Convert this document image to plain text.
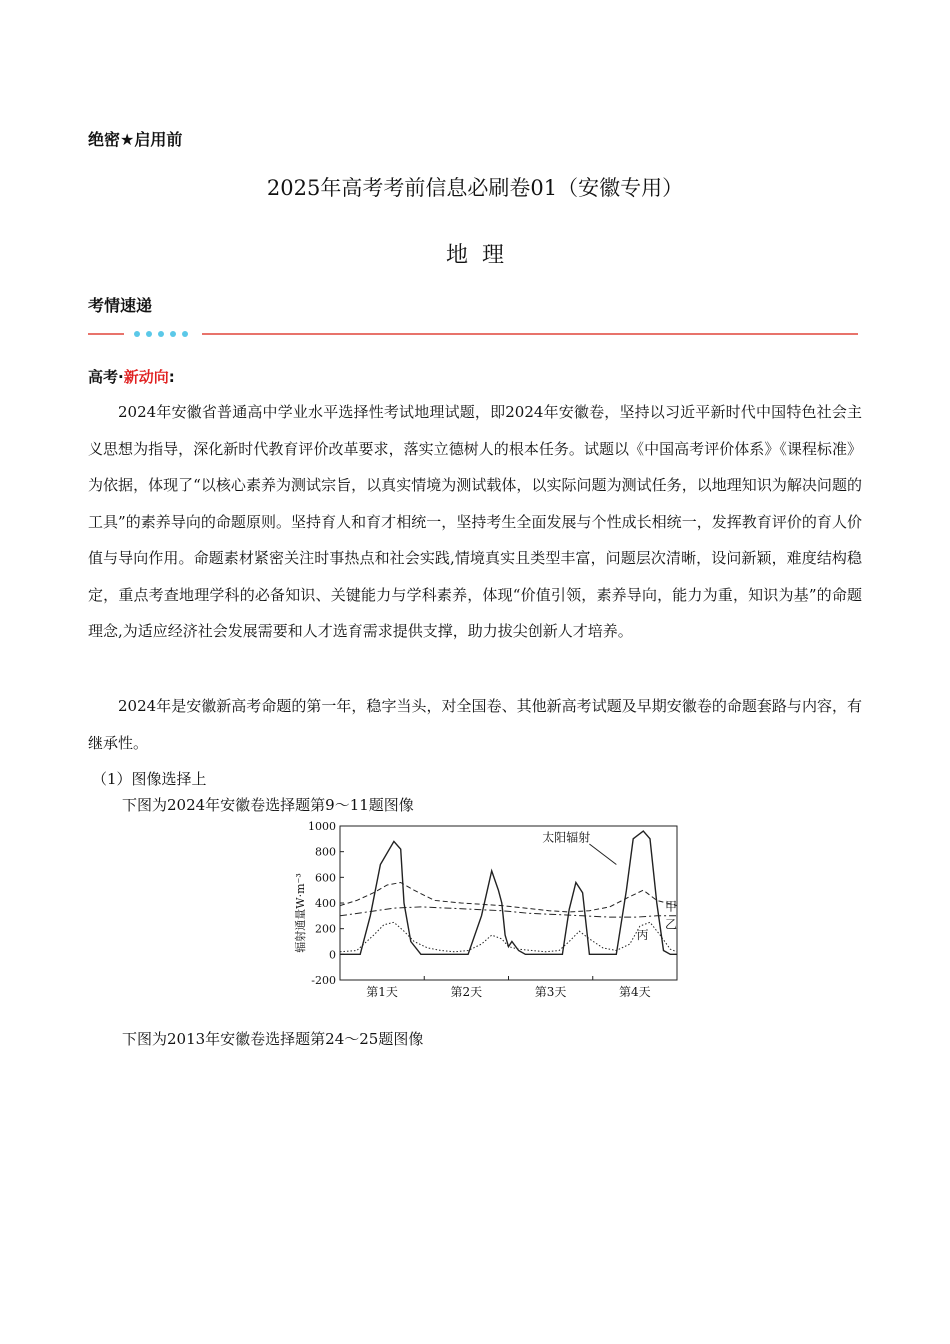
绝密★启用前
2025年高考考前信息必刷卷01（安徽专用）
地理
考情速递
高考·新动向:
2024年安徽省普通高中学业水平选择性考试地理试题，即2024年安徽卷，坚持以习近平新时代中国特色社会主义思想为指导，深化新时代教育评价改革要求，落实立德树人的根本任务。试题以《中国高考评价体系》《课程标准》为依据，体现了“以核心素养为测试宗旨，以真实情境为测试载体，以实际问题为测试任务，以地理知识为解决问题的工具”的素养导向的命题原则。坚持育人和育才相统一，坚持考生全面发展与个性成长相统一，发挥教育评价的育人价值与导向作用。命题素材紧密关注时事热点和社会实践,情境真实且类型丰富，问题层次清晰，设问新颖，难度结构稳定，重点考查地理学科的必备知识、关键能力与学科素养，体现“价值引领，素养导向，能力为重，知识为基”的命题理念,为适应经济社会发展需要和人才选育需求提供支撑，助力拔尖创新人才培养。
2024年是安徽新高考命题的第一年，稳字当头，对全国卷、其他新高考试题及早期安徽卷的命题套路与内容，有继承性。
（1）图像选择上
下图为2024年安徽卷选择题第9～11题图像
1000
800
600
400
200
0
-200
辐射通量W·m⁻³
第1天	第2天	第3天	第4天
太阳辐射
甲
乙
丙
下图为2013年安徽卷选择题第24～25题图像
